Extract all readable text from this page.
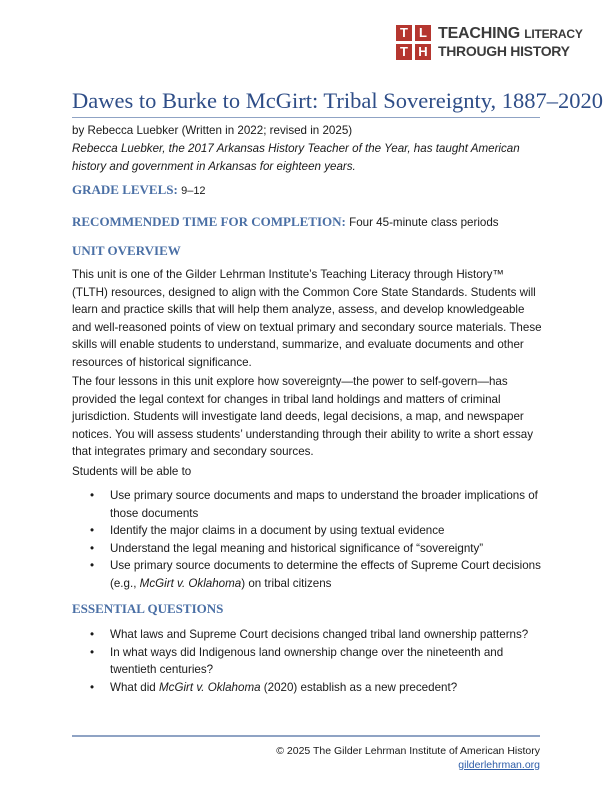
T L
T H
TEACHING LITERACY
THROUGH HISTORY
Dawes to Burke to McGirt: Tribal Sovereignty, 1887–2020

by Rebecca Luebker (Written in 2022; revised in 2025)

Rebecca Luebker, the 2017 Arkansas History Teacher of the Year, has taught American history and government in Arkansas for eighteen years.

GRADE LEVELS: 9–12
RECOMMENDED TIME FOR COMPLETION: Four 45-minute class periods
UNIT OVERVIEW

This unit is one of the Gilder Lehrman Institute’s Teaching Literacy through History™ (TLTH) resources, designed to align with the Common Core State Standards. Students will learn and practice skills that will help them analyze, assess, and develop knowledgeable and well-reasoned points of view on textual primary and secondary source materials. These skills will enable students to understand, summarize, and evaluate documents and other resources of historical significance.

The four lessons in this unit explore how sovereignty—the power to self-govern—has provided the legal context for changes in tribal land holdings and matters of criminal jurisdiction. Students will investigate land deeds, legal decisions, a map, and newspaper notices. You will assess students’ understanding through their ability to write a short essay that integrates primary and secondary sources.

Students will be able to

• Use primary source documents and maps to understand the broader implications of those documents
• Identify the major claims in a document by using textual evidence
• Understand the legal meaning and historical significance of “sovereignty”
• Use primary source documents to determine the effects of Supreme Court decisions (e.g., McGirt v. Oklahoma) on tribal citizens
ESSENTIAL QUESTIONS
• What laws and Supreme Court decisions changed tribal land ownership patterns?
• In what ways did Indigenous land ownership change over the nineteenth and twentieth centuries?
• What did McGirt v. Oklahoma (2020) establish as a new precedent?
© 2025 The Gilder Lehrman Institute of American History
gilderlehrman.org
